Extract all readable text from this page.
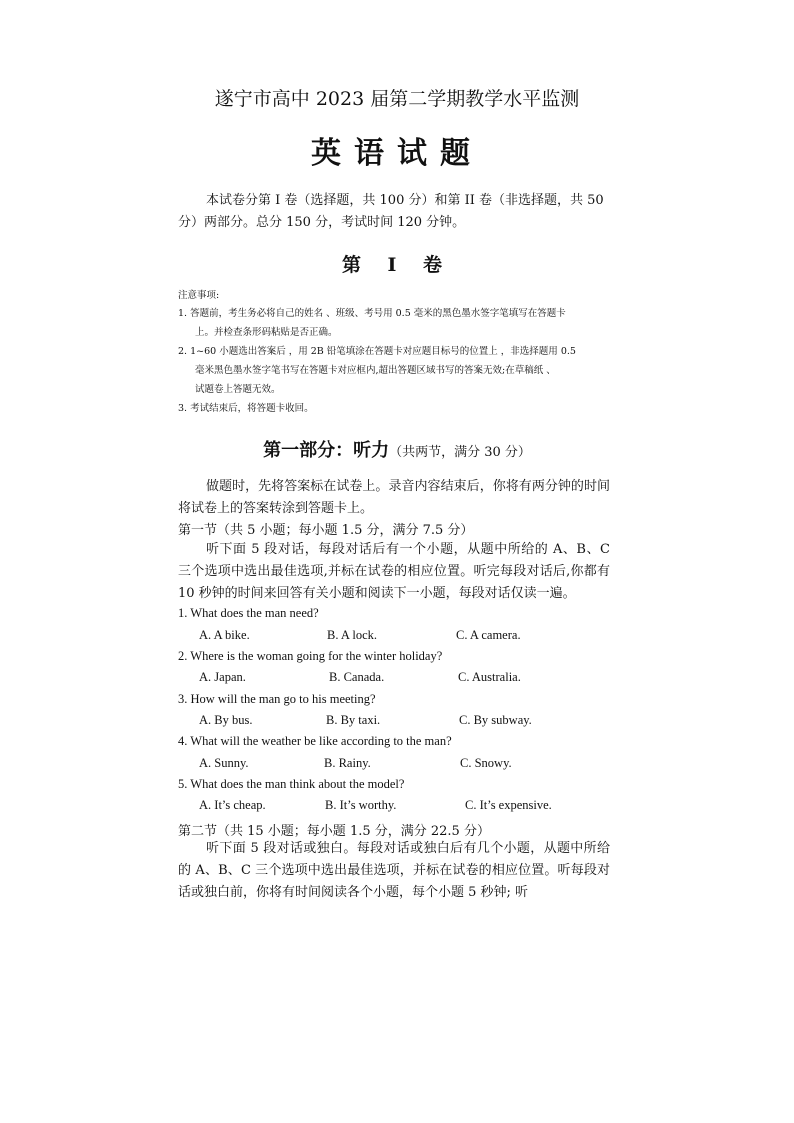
遂宁市高中 2023 届第二学期教学水平监测
英语试题
本试卷分第 I 卷（选择题，共 100 分）和第 II 卷（非选择题，共 50 分）两部分。总分 150 分，考试时间 120 分钟。
第 I 卷
注意事项:
1. 答题前，考生务必将自己的姓名 、班级、考号用 0.5 毫米的黑色墨水签字笔填写在答题卡
上。并检查条形码粘贴是否正确。
2. 1~60 小题选出答案后 ，用 2B 铅笔填涂在答题卡对应题目标号的位置上 ，非选择题用 0.5
毫米黑色墨水签字笔书写在答题卡对应框内,超出答题区域书写的答案无效;在草稿纸 、
试题卷上答题无效。
3. 考试结束后，将答题卡收回。
第一部分：听力（共两节，满分 30 分）
做题时，先将答案标在试卷上。录音内容结束后，你将有两分钟的时间将试卷上的答案转涂到答题卡上。
第一节（共 5 小题；每小题 1.5 分，满分 7.5 分）
听下面 5 段对话，每段对话后有一个小题，从题中所给的 A、B、C 三个选项中选出最佳选项,并标在试卷的相应位置。听完每段对话后,你都有 10 秒钟的时间来回答有关小题和阅读下一小题，每段对话仅读一遍。
1. What does the man need?
A. A bike.	B. A lock.	C. A camera.
2. Where is the woman going for the winter holiday?
A. Japan.	B. Canada.	C. Australia.
3. How will the man go to his meeting?
A. By bus.	B. By taxi.	C. By subway.
4. What will the weather be like according to the man?
A. Sunny.	B. Rainy.	C. Snowy.
5. What does the man think about the model?
A. It’s cheap.	B. It’s worthy.	C. It’s expensive.
第二节（共 15 小题；每小题 1.5 分，满分 22.5 分）
听下面 5 段对话或独白。每段对话或独白后有几个小题，从题中所给的 A、B、C 三个选项中选出最佳选项，并标在试卷的相应位置。听每段对话或独白前，你将有时间阅读各个小题，每个小题 5 秒钟; 听
